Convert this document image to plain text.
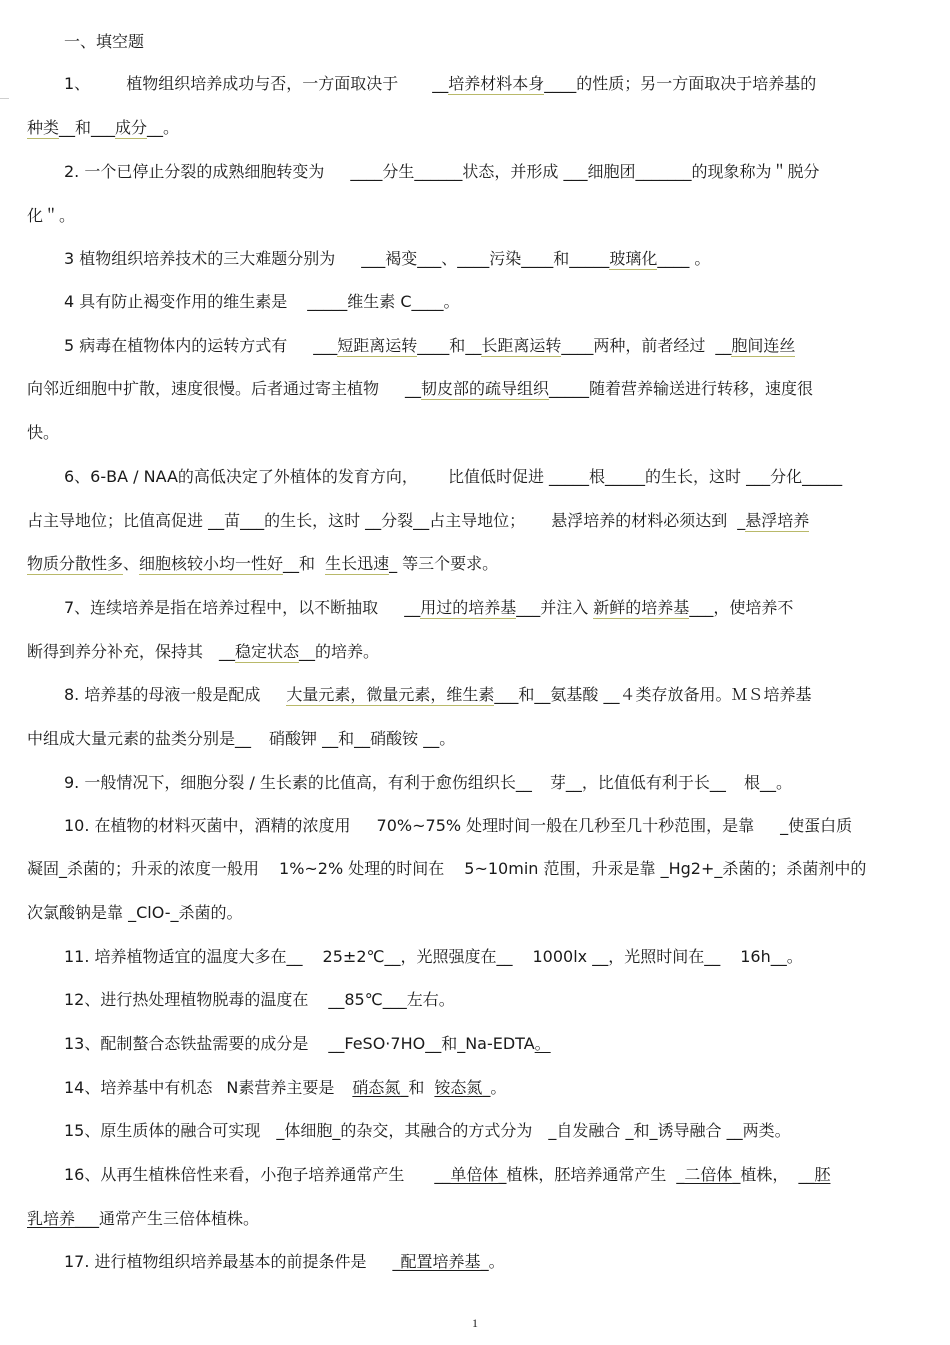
一、填空题
1、 植物组织培养成功与否，一方面取决于 __培养材料本身____的性质；另一方面取决于培养基的
种类__和___成分__。
2. 一个已停止分裂的成熟细胞转变为 ____分生______状态，并形成 ___细胞团_______的现象称为＂脱分
化＂。
3 植物组织培养技术的三大难题分别为 ___褐变___、____污染____和_____玻璃化____ 。
4 具有防止褐变作用的维生素是 _____维生素 C____。
5 病毒在植物体内的运转方式有 ___短距离运转____和__长距离运转____两种，前者经过 __胞间连丝
向邻近细胞中扩散，速度很慢。后者通过寄主植物 __韧皮部的疏导组织_____随着营养输送进行转移，速度很
快。
6、6-BA / NAA的高低决定了外植体的发育方向， 比值低时促进 _____根_____的生长，这时 ___分化_____
占主导地位；比值高促进 __苗___的生长，这时 __分裂__占主导地位； 悬浮培养的材料必须达到 _悬浮培养
物质分散性多、细胞核较小均一性好__和 生长迅速_ 等三个要求。
7、连续培养是指在培养过程中，以不断抽取 __用过的培养基___并注入 新鲜的培养基___，使培养不
断得到养分补充，保持其 __稳定状态__的培养。
8. 培养基的母液一般是配成 大量元素，微量元素，维生素___和__氨基酸 __４类存放备用。ＭＳ培养基
中组成大量元素的盐类分别是__ 硝酸钾 __和__硝酸铵 __。
9. 一般情况下，细胞分裂 / 生长素的比值高，有利于愈伤组织长__ 芽__，比值低有利于长__ 根__。
10. 在植物的材料灭菌中，酒精的浓度用 70%~75% 处理时间一般在几秒至几十秒范围，是靠 _使蛋白质
凝固_杀菌的；升汞的浓度一般用 1%~2% 处理的时间在 5~10min 范围，升汞是靠 _Hg2+_杀菌的；杀菌剂中的
次氯酸钠是靠 _ClO-_杀菌的。
11. 培养植物适宜的温度大多在__ 25±2℃__，光照强度在__ 1000lx __，光照时间在__ 16h__。
12、进行热处理植物脱毒的温度在 __85℃___左右。
13、配制螯合态铁盐需要的成分是 __FeSO·7HO__和_Na-EDTA。
14、培养基中有机态 N素营养主要是 硝态氮_和 铵态氮_。
15、原生质体的融合可实现 _体细胞_的杂交，其融合的方式分为 _自发融合 _和_诱导融合 __两类。
16、从再生植株倍性来看，小孢子培养通常产生 __单倍体_植株，胚培养通常产生 _二倍体_植株， __胚
乳培养___通常产生三倍体植株。
17. 进行植物组织培养最基本的前提条件是 _配置培养基_。
1
